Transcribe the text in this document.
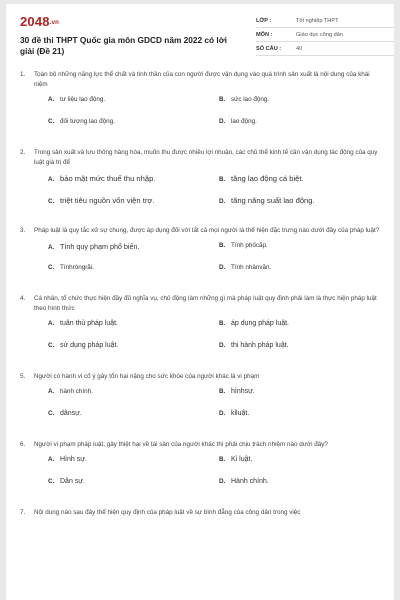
2048.vn
30 đề thi THPT Quốc gia môn GDCD năm 2022 có lời giải (Đề 21)
LỚP :	Tốt nghiệp THPT
MÔN :	Giáo dục công dân
SỐ CÂU :	40
1. Toàn bộ những năng lực thể chất và tinh thần của con người được vận dụng vào quá trình sản xuất là nội dung của khái niệm
A. tư liệu lao động.	B. sức lao động.
C. đối tượng lao động.	D. lao động.
2. Trong sản xuất và lưu thông hàng hóa, muốn thu được nhiều lợi nhuận, các chủ thể kinh tế cần vận dụng tác động của quy luật giá trị để
A. bảo mật mức thuế thu nhập.	B. tăng lao động cá biệt.
C. triệt tiêu nguồn vốn viện trợ.	D. tăng năng suất lao động.
3. Pháp luật là quy tắc xử sự chung, được áp dụng đối với tất cả mọi người là thể hiện đặc trưng nào dưới đây của pháp luật?
A. Tính quy phạm phổ biến.	B. Tính phốcấp.
C. Tínhròngrãi.	D. Tính nhânvăn.
4. Cá nhân, tổ chức thực hiện đầy đủ nghĩa vụ, chủ động làm những gì mà pháp luật quy định phải làm là thực hiện pháp luật theo hình thức
A. tuân thủ pháp luật.	B. áp dụng pháp luật.
C. sử dụng pháp luật.	D. thi hành pháp luật.
5. Người có hành vi cố ý gây tổn hại nặng cho sức khỏe của người khác là vi phạm
A. hành chính.	B. hìnhsự.
C. dânsự.	D. kỉluật.
6. Người vi phạm pháp luật, gây thiệt hại về tài sản của người khác thì phải chịu trách nhiệm nào dưới đây?
A. Hình sự.	B. Kỉ luật.
C. Dân sự.	D. Hành chính.
7. Nội dung nào sau đây thể hiện quy định của pháp luật về sự bình đẳng của công dân trong việc
